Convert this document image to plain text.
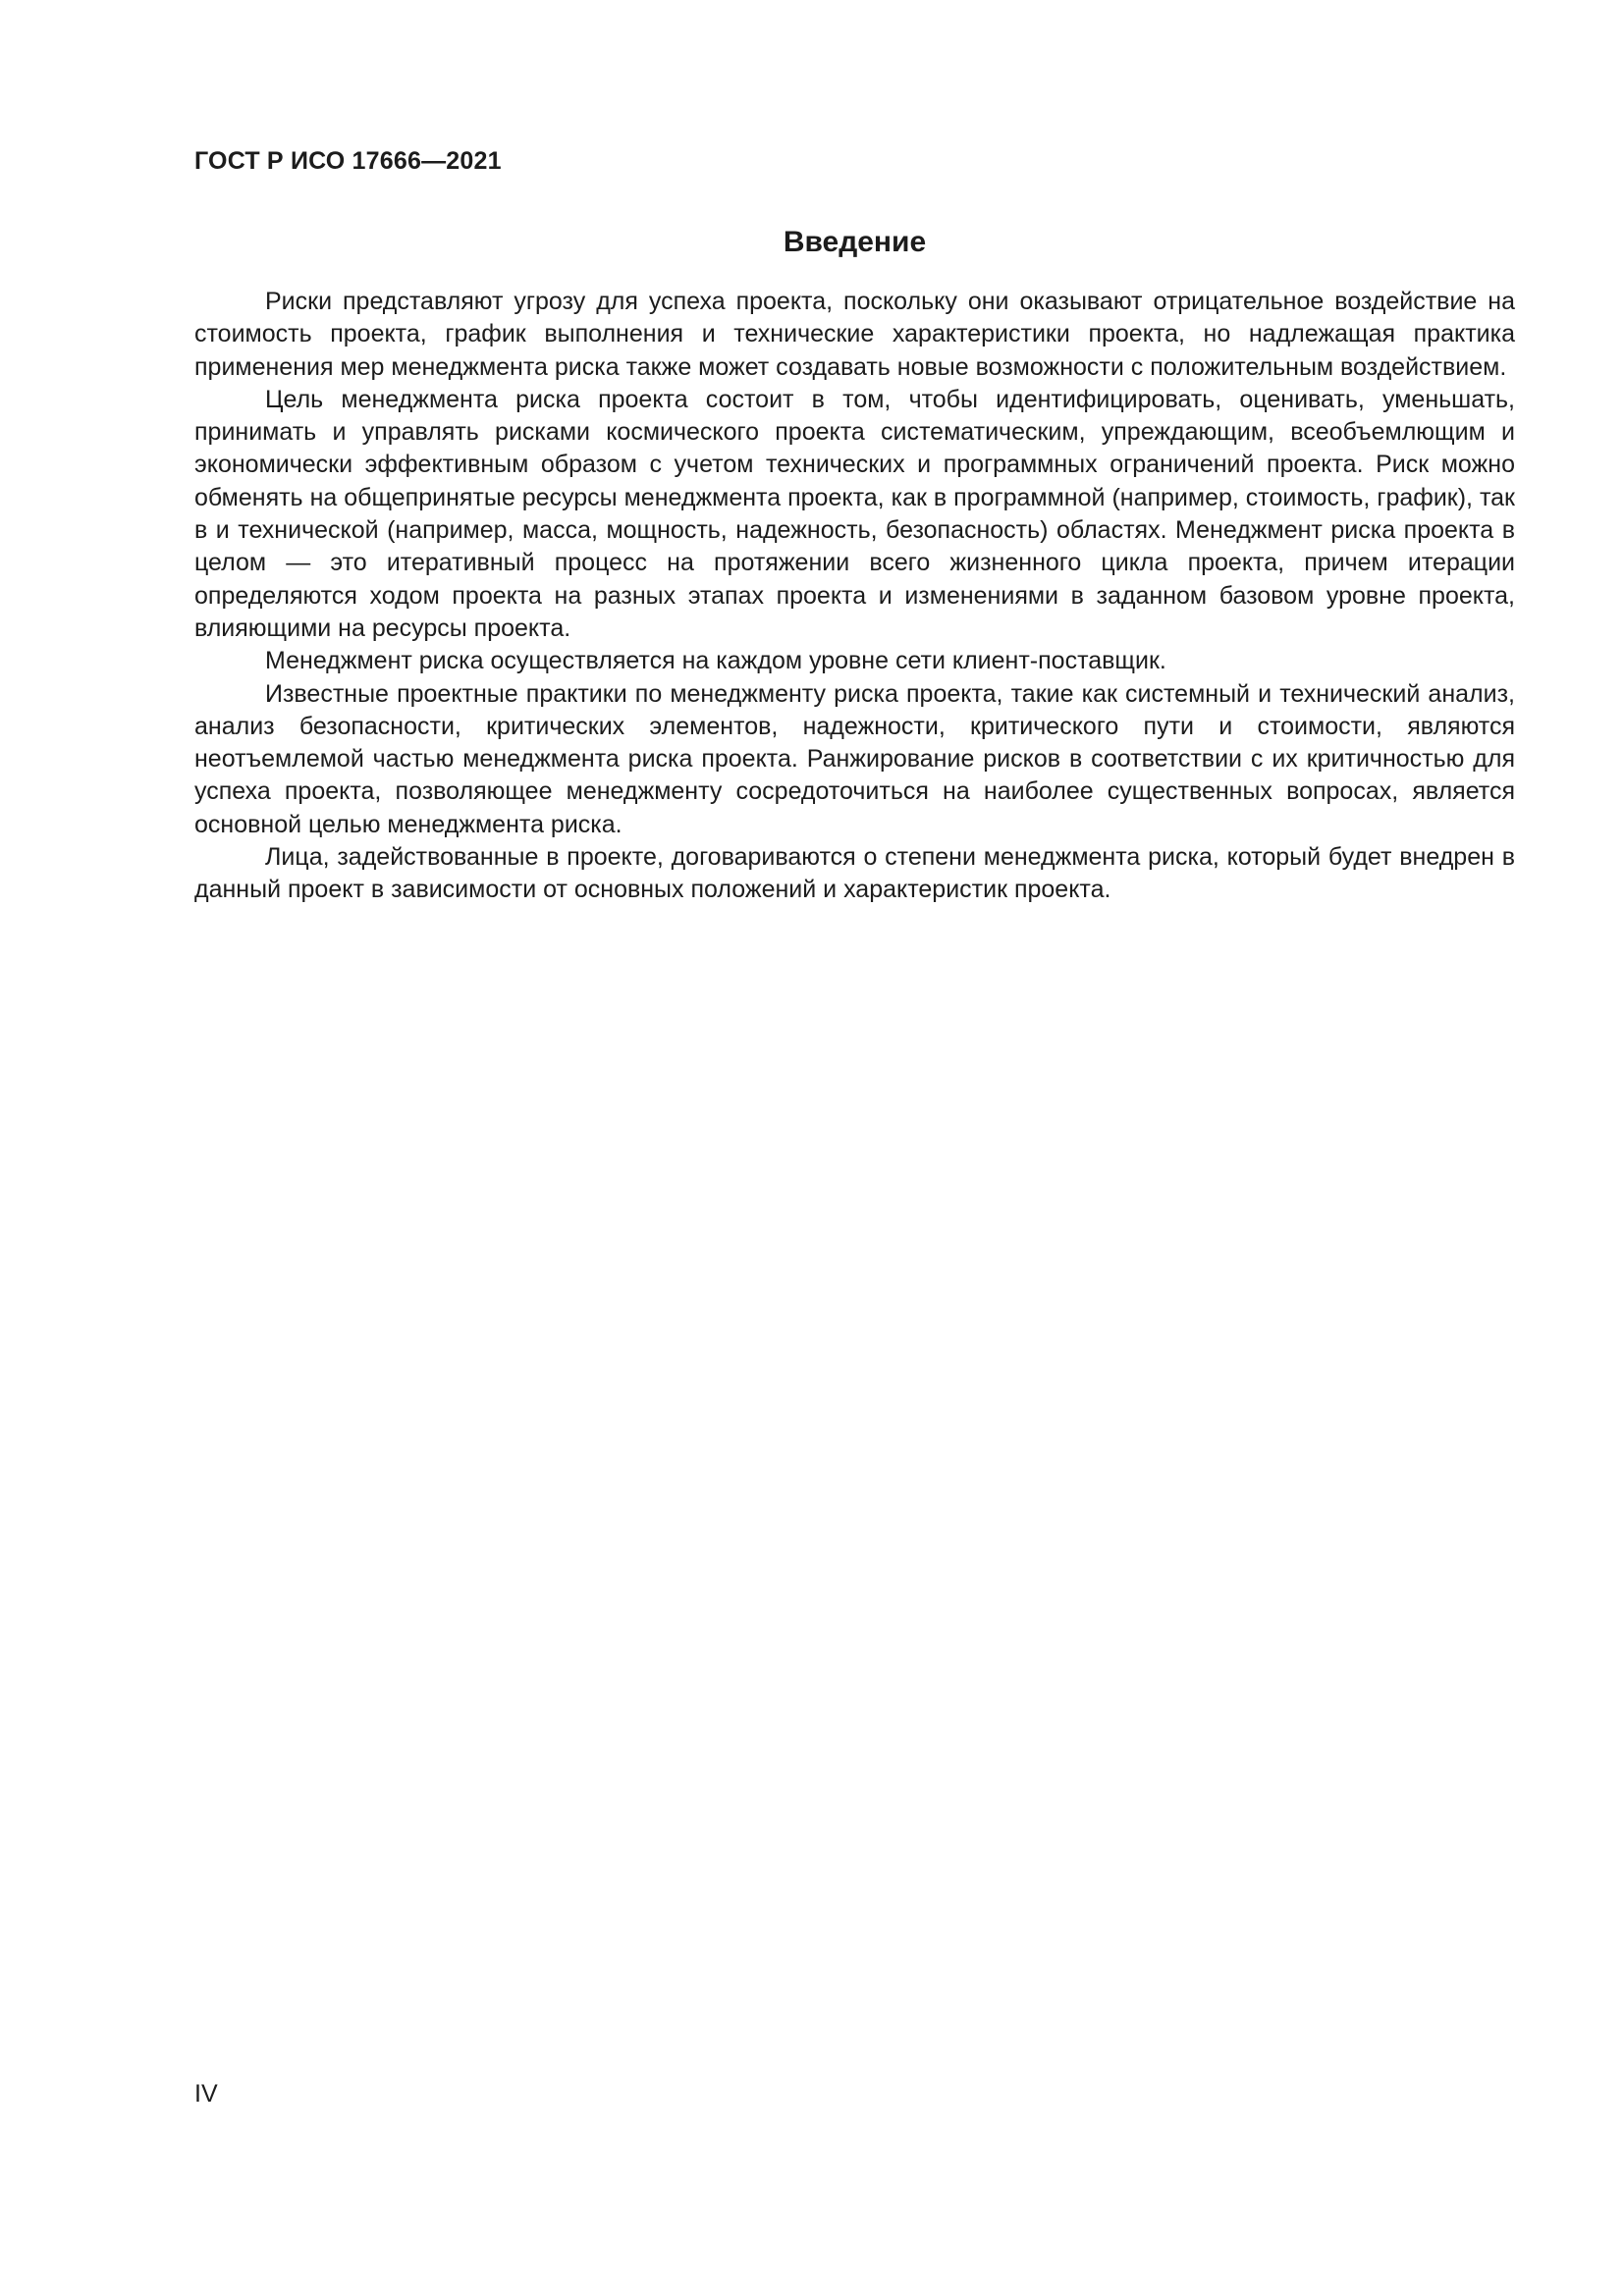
ГОСТ Р ИСО 17666—2021
Введение

Риски представляют угрозу для успеха проекта, поскольку они оказывают отрицательное воздействие на стоимость проекта, график выполнения и технические характеристики проекта, но надлежащая практика применения мер менеджмента риска также может создавать новые возможности с положительным воздействием.

Цель менеджмента риска проекта состоит в том, чтобы идентифицировать, оценивать, уменьшать, принимать и управлять рисками космического проекта систематическим, упреждающим, всеобъемлющим и экономически эффективным образом с учетом технических и программных ограничений проекта. Риск можно обменять на общепринятые ресурсы менеджмента проекта, как в программной (например, стоимость, график), так в и технической (например, масса, мощность, надежность, безопасность) областях. Менеджмент риска проекта в целом — это итеративный процесс на протяжении всего жизненного цикла проекта, причем итерации определяются ходом проекта на разных этапах проекта и изменениями в заданном базовом уровне проекта, влияющими на ресурсы проекта.

Менеджмент риска осуществляется на каждом уровне сети клиент-поставщик.

Известные проектные практики по менеджменту риска проекта, такие как системный и технический анализ, анализ безопасности, критических элементов, надежности, критического пути и стоимости, являются неотъемлемой частью менеджмента риска проекта. Ранжирование рисков в соответствии с их критичностью для успеха проекта, позволяющее менеджменту сосредоточиться на наиболее существенных вопросах, является основной целью менеджмента риска.

Лица, задействованные в проекте, договариваются о степени менеджмента риска, который будет внедрен в данный проект в зависимости от основных положений и характеристик проекта.

IV
